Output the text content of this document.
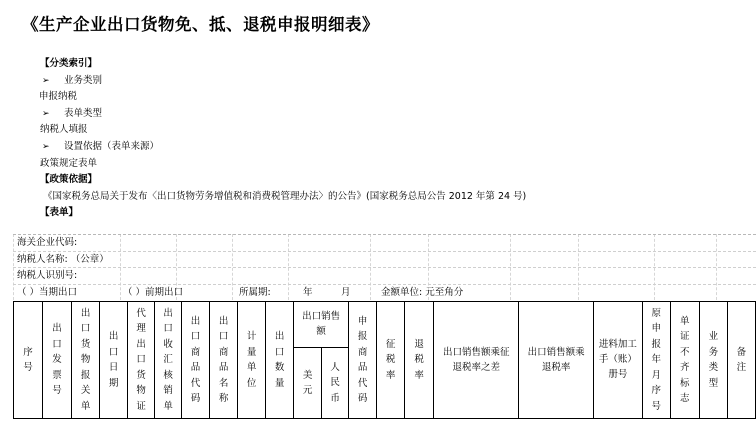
《生产企业出口货物免、抵、退税申报明细表》
【分类索引】
➢ 业务类别
申报纳税
➢ 表单类型
纳税人填报
➢ 设置依据（表单来源）
政策规定表单
【政策依据】
《国家税务总局关于发布〈出口货物劳务增值税和消费税管理办法〉的公告》(国家税务总局公告 2012 年第 24 号)
【表单】
海关企业代码:
纳税人名称: （公章）
纳税人识别号:
（ ）当期出口	（ ）前期出口	所属期:	年	月	金额单位: 元至角分
序号	出口发票号	出口货物报关单	出口日期	代理出口货物证	出口收汇核销单	出口商品代码	出口商品名称	计量单位	出口数量	出口销售额		申报商品代码	征税率	退税率	出口销售额乘征退税率之差	出口销售额乘退税率	进料加工手（账）册号	原申报年月序号	单证不齐标志	业务类型	备注
										美元	人民币										
